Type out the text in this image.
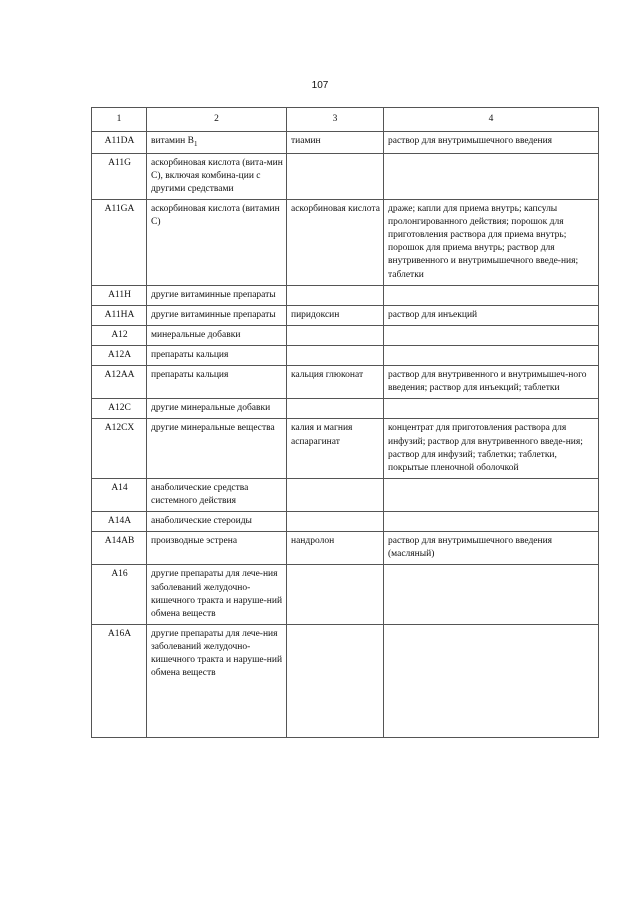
107
1	2	3	4
A11DA	витамин $B_1$	тиамин	раствор для внутримышечного введения
A11G	аскорбиновая кислота (вита-мин С), включая комбина-ции с другими средствами		
A11GA	аскорбиновая кислота (витамин С)	аскорбиновая кислота	драже; капли для приема внутрь; капсулы пролонгированного действия; порошок для приготовления раствора для приема внутрь; порошок для приема внутрь; раствор для внутривенного и внутримышечного введе-ния; таблетки
A11H	другие витаминные препараты		
A11HA	другие витаминные препараты	пиридоксин	раствор для инъекций
A12	минеральные добавки		
A12A	препараты кальция		
A12AA	препараты кальция	кальция глюконат	раствор для внутривенного и внутримышеч-ного введения; раствор для инъекций; таблетки
A12C	другие минеральные добавки		
A12CX	другие минеральные вещества	калия и магния аспарагинат	концентрат для приготовления раствора для инфузий; раствор для внутривенного введе-ния; раствор для инфузий; таблетки; таблетки, покрытые пленочной оболочкой
A14	анаболические средства системного действия		
A14A	анаболические стероиды		
A14AB	производные эстрена	нандролон	раствор для внутримышечного введения (масляный)
A16	другие препараты для лече-ния заболеваний желудочно-кишечного тракта и наруше-ний обмена веществ		
A16A	другие препараты для лече-ния заболеваний желудочно-кишечного тракта и наруше-ний обмена веществ		
